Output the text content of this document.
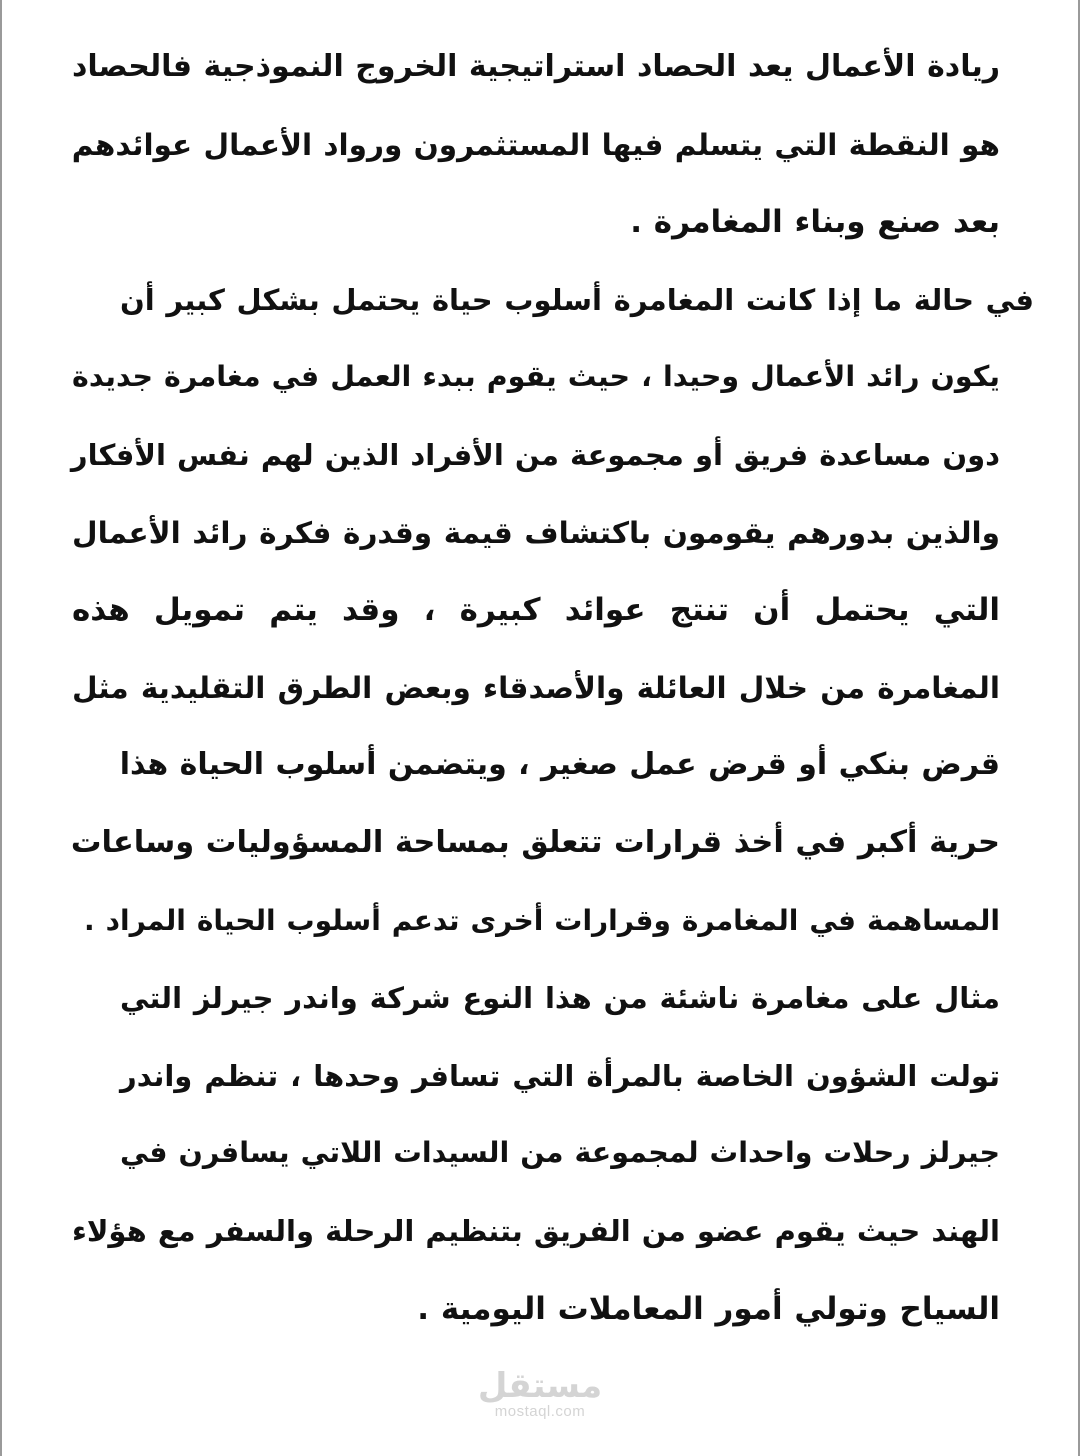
ريادة الأعمال يعد الحصاد استراتيجية الخروج النموذجية فالحصاد
هو النقطة التي يتسلم فيها المستثمرون ورواد الأعمال عوائدهم
بعد صنع وبناء المغامرة .
في حالة ما إذا كانت المغامرة أسلوب حياة يحتمل بشكل كبير أن
يكون رائد الأعمال وحيدا ، حيث يقوم ببدء العمل في مغامرة جديدة
دون مساعدة فريق أو مجموعة من الأفراد الذين لهم نفس الأفكار
والذين بدورهم يقومون باكتشاف قيمة وقدرة فكرة رائد الأعمال
التي يحتمل أن تنتج عوائد كبيرة ، وقد يتم تمويل هذه
المغامرة من خلال العائلة والأصدقاء وبعض الطرق التقليدية مثل
قرض بنكي أو قرض عمل صغير ، ويتضمن أسلوب الحياة هذا
حرية أكبر في أخذ قرارات تتعلق بمساحة المسؤوليات وساعات
المساهمة في المغامرة وقرارات أخرى تدعم أسلوب الحياة المراد .
مثال على مغامرة ناشئة من هذا النوع شركة واندر جيرلز التي
تولت الشؤون الخاصة بالمرأة التي تسافر وحدها ، تنظم واندر
جيرلز رحلات واحداث لمجموعة من السيدات اللاتي يسافرن في
الهند حيث يقوم عضو من الفريق بتنظيم الرحلة والسفر مع هؤلاء
السياح وتولي أمور المعاملات اليومية .
مستقل
mostaql.com
